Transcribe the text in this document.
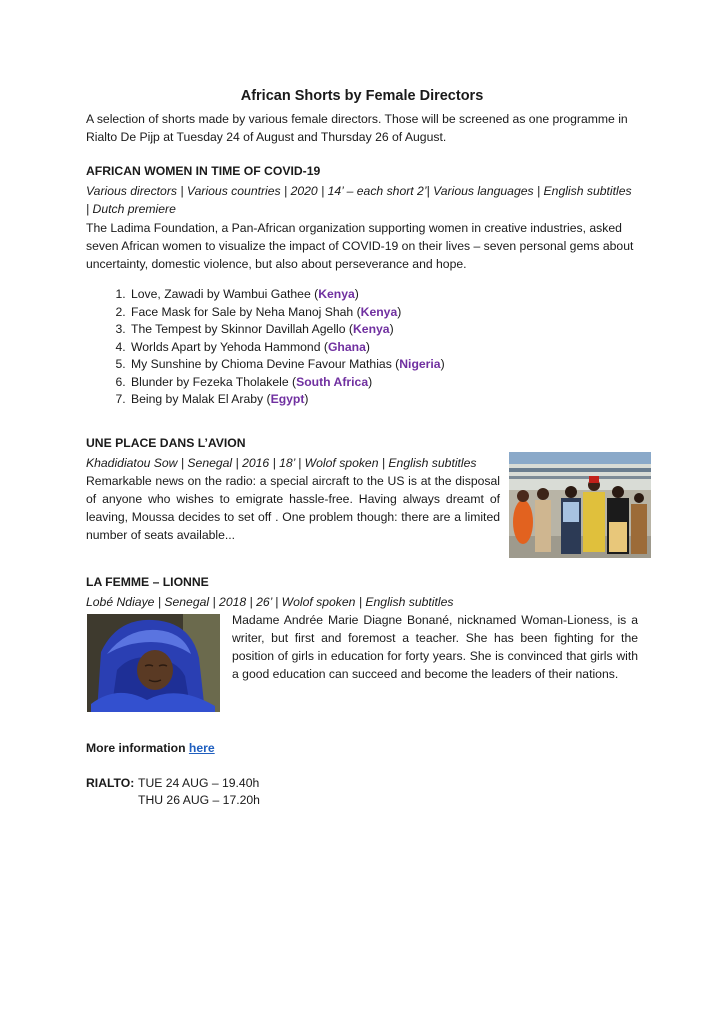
African Shorts by Female Directors

A selection of shorts made by various female directors. Those will be screened as one programme in Rialto De Pijp at Tuesday 24 of August and Thursday 26 of August.

AFRICAN WOMEN IN TIME OF COVID-19
Various directors | Various countries | 2020 | 14’ – each short 2’| Various languages | English subtitles | Dutch premiere

The Ladima Foundation, a Pan-African organization supporting women in creative industries, asked seven African women to visualize the impact of COVID-19 on their lives – seven personal gems about uncertainty, domestic violence, but also about perseverance and hope.

1. Love, Zawadi by Wambui Gathee (Kenya)
2. Face Mask for Sale by Neha Manoj Shah (Kenya)
3. The Tempest by Skinnor Davillah Agello (Kenya)
4. Worlds Apart by Yehoda Hammond (Ghana)
5. My Sunshine by Chioma Devine Favour Mathias (Nigeria)
6. Blunder by Fezeka Tholakele (South Africa)
7. Being by Malak El Araby (Egypt)
UNE PLACE DANS L’AVION
Khadidiatou Sow | Senegal | 2016 | 18’ | Wolof spoken | English subtitles

Remarkable news on the radio: a special aircraft to the US is at the disposal of anyone who wishes to emigrate hassle-free. Having always dreamt of leaving, Moussa decides to set off . One problem though: there are a limited number of seats available...

LA FEMME – LIONNE
Lobé Ndiaye | Senegal | 2018 | 26’ | Wolof spoken | English subtitles

Madame Andrée Marie Diagne Bonané, nicknamed Woman-Lioness, is a writer, but first and foremost a teacher. She has been fighting for the position of girls in education for forty years. She is convinced that girls with a good education can succeed and become the leaders of their nations.

More information here
RIALTO: TUE 24 AUG – 19.40h
THU 26 AUG – 17.20h
